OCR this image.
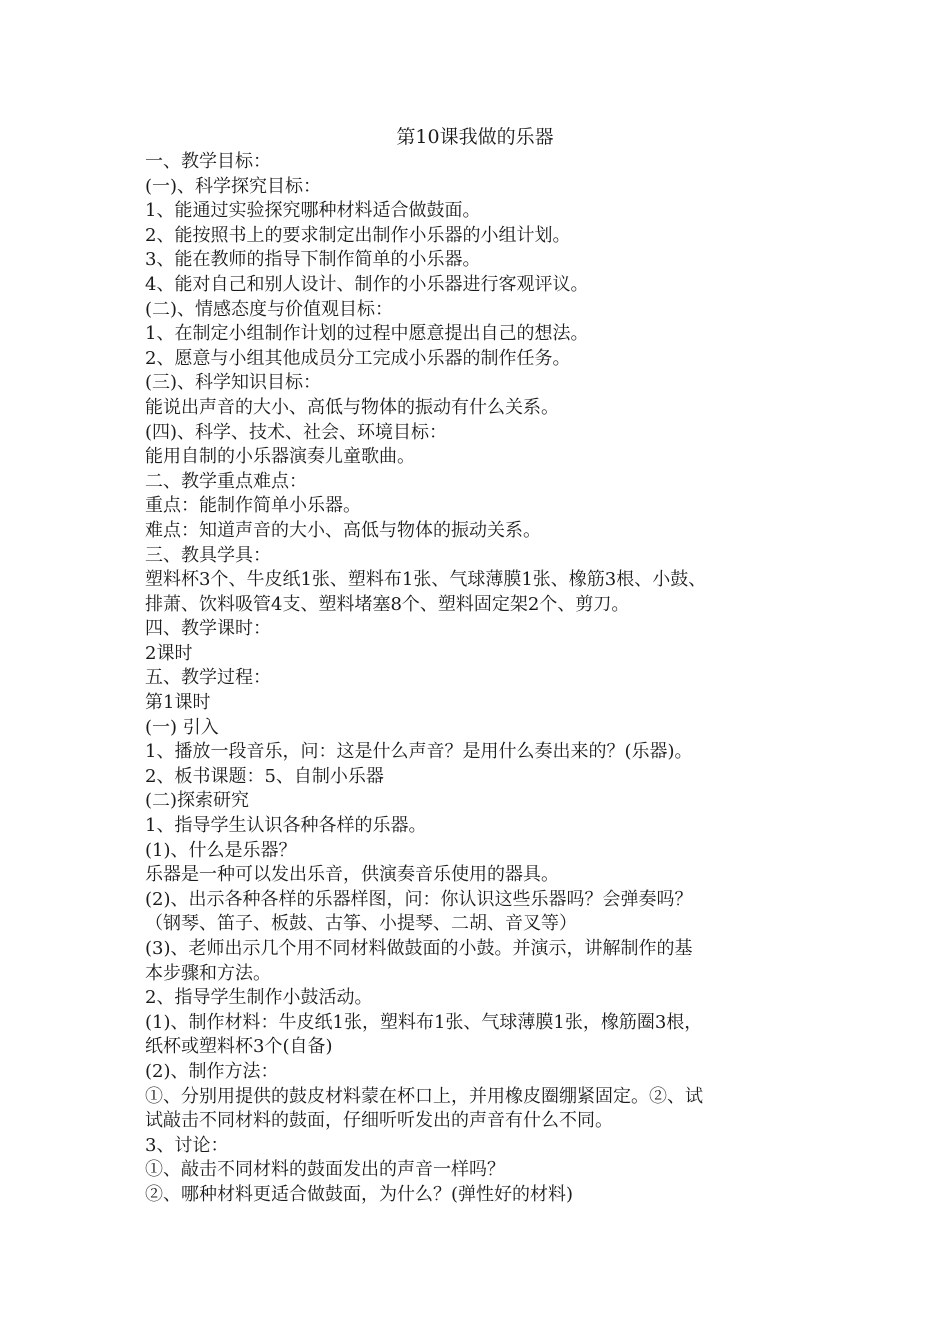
第10课我做的乐器
一、教学目标：
(一)、科学探究目标：
1、能通过实验探究哪种材料适合做鼓面。
2、能按照书上的要求制定出制作小乐器的小组计划。
3、能在教师的指导下制作简单的小乐器。
4、能对自己和别人设计、制作的小乐器进行客观评议。
(二)、情感态度与价值观目标：
1、在制定小组制作计划的过程中愿意提出自己的想法。
2、愿意与小组其他成员分工完成小乐器的制作任务。
(三)、科学知识目标：
能说出声音的大小、高低与物体的振动有什么关系。
(四)、科学、技术、社会、环境目标：
能用自制的小乐器演奏儿童歌曲。
二、教学重点难点：
重点：能制作简单小乐器。
难点：知道声音的大小、高低与物体的振动关系。
三、教具学具：
塑料杯3个、牛皮纸1张、塑料布1张、气球薄膜1张、橡筋3根、小鼓、
排萧、饮料吸管4支、塑料堵塞8个、塑料固定架2个、剪刀。
四、教学课时：
2课时
五、教学过程：
第1课时
(一) 引入
1、播放一段音乐，问：这是什么声音？是用什么奏出来的？(乐器)。
2、板书课题：5、自制小乐器
(二)探索研究
1、指导学生认识各种各样的乐器。
(1)、什么是乐器？
乐器是一种可以发出乐音，供演奏音乐使用的器具。
(2)、出示各种各样的乐器样图，问：你认识这些乐器吗？会弹奏吗？
（钢琴、笛子、板鼓、古筝、小提琴、二胡、音叉等）
(3)、老师出示几个用不同材料做鼓面的小鼓。并演示，讲解制作的基
本步骤和方法。
2、指导学生制作小鼓活动。
(1)、制作材料：牛皮纸1张，塑料布1张、气球薄膜1张，橡筋圈3根，
纸杯或塑料杯3个(自备)
(2)、制作方法：
①、分别用提供的鼓皮材料蒙在杯口上，并用橡皮圈绷紧固定。②、试
试敲击不同材料的鼓面，仔细听听发出的声音有什么不同。
3、讨论：
①、敲击不同材料的鼓面发出的声音一样吗？
②、哪种材料更适合做鼓面，为什么？(弹性好的材料)
